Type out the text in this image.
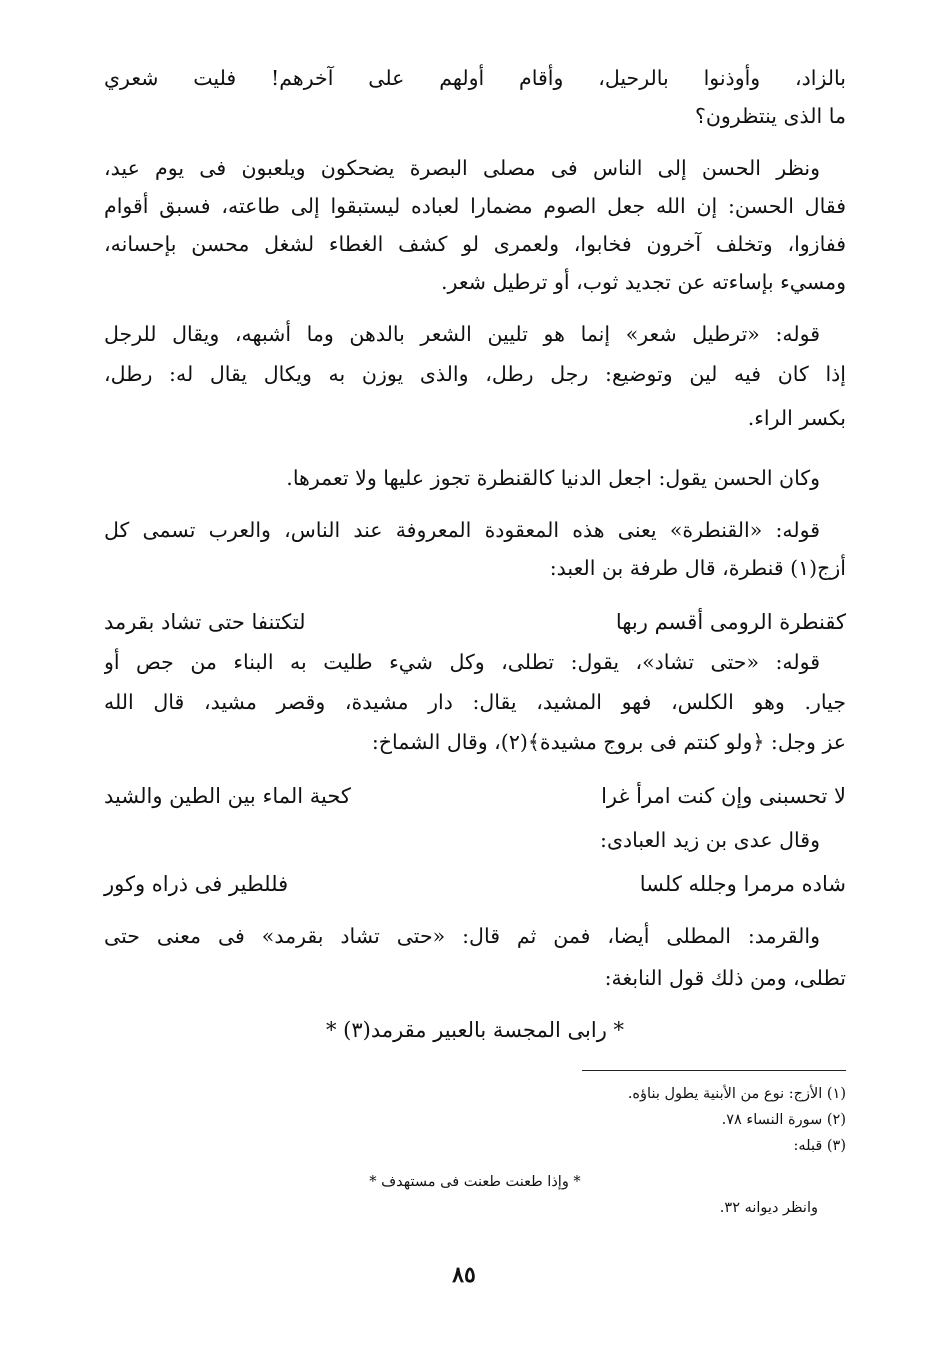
بالزاد، وأوذنوا بالرحيل، وأقام أولهم على آخرهم! فليت شعري
ما الذى ينتظرون؟
ونظر الحسن إلى الناس فى مصلى البصرة يضحكون ويلعبون فى يوم عيد،
فقال الحسن: إن الله جعل الصوم مضمارا لعباده ليستبقوا إلى طاعته، فسبق أقوام
ففازوا، وتخلف آخرون فخابوا، ولعمرى لو كشف الغطاء لشغل محسن بإحسانه،
ومسيء بإساءته عن تجديد ثوب، أو ترطيل شعر.
قوله: «ترطيل شعر» إنما هو تليين الشعر بالدهن وما أشبهه، ويقال للرجل
إذا كان فيه لين وتوضيع: رجل رطل، والذى يوزن به ويكال يقال له: رطل،
بكسر الراء.
وكان الحسن يقول: اجعل الدنيا كالقنطرة تجوز عليها ولا تعمرها.
قوله: «القنطرة» يعنى هذه المعقودة المعروفة عند الناس، والعرب تسمى كل
أزج(١) قنطرة، قال طرفة بن العبد:
كقنطرة الرومى أقسم ربها
لتكتنفا حتى تشاد بقرمد
قوله: «حتى تشاد»، يقول: تطلى، وكل شيء طليت به البناء من جص أو
جيار. وهو الكلس، فهو المشيد، يقال: دار مشيدة، وقصر مشيد، قال الله
عز وجل: ﴿ولو كنتم فى بروج مشيدة﴾(٢)، وقال الشماخ:
لا تحسبنى وإن كنت امرأ غرا
كحية الماء بين الطين والشيد
وقال عدى بن زيد العبادى:
شاده مرمرا وجلله كلسا
فللطير فى ذراه وكور
والقرمد: المطلى أيضا، فمن ثم قال: «حتى تشاد بقرمد» فى معنى حتى
تطلى، ومن ذلك قول النابغة:
* رابى المجسة بالعبير مقرمد(٣) *
(١) الأزج: نوع من الأبنية يطول بناؤه.
(٢) سورة النساء ٧٨.
(٣) قبله:
* وإذا طعنت طعنت فى مستهدف *
وانظر ديوانه ٣٢.
٨٥
